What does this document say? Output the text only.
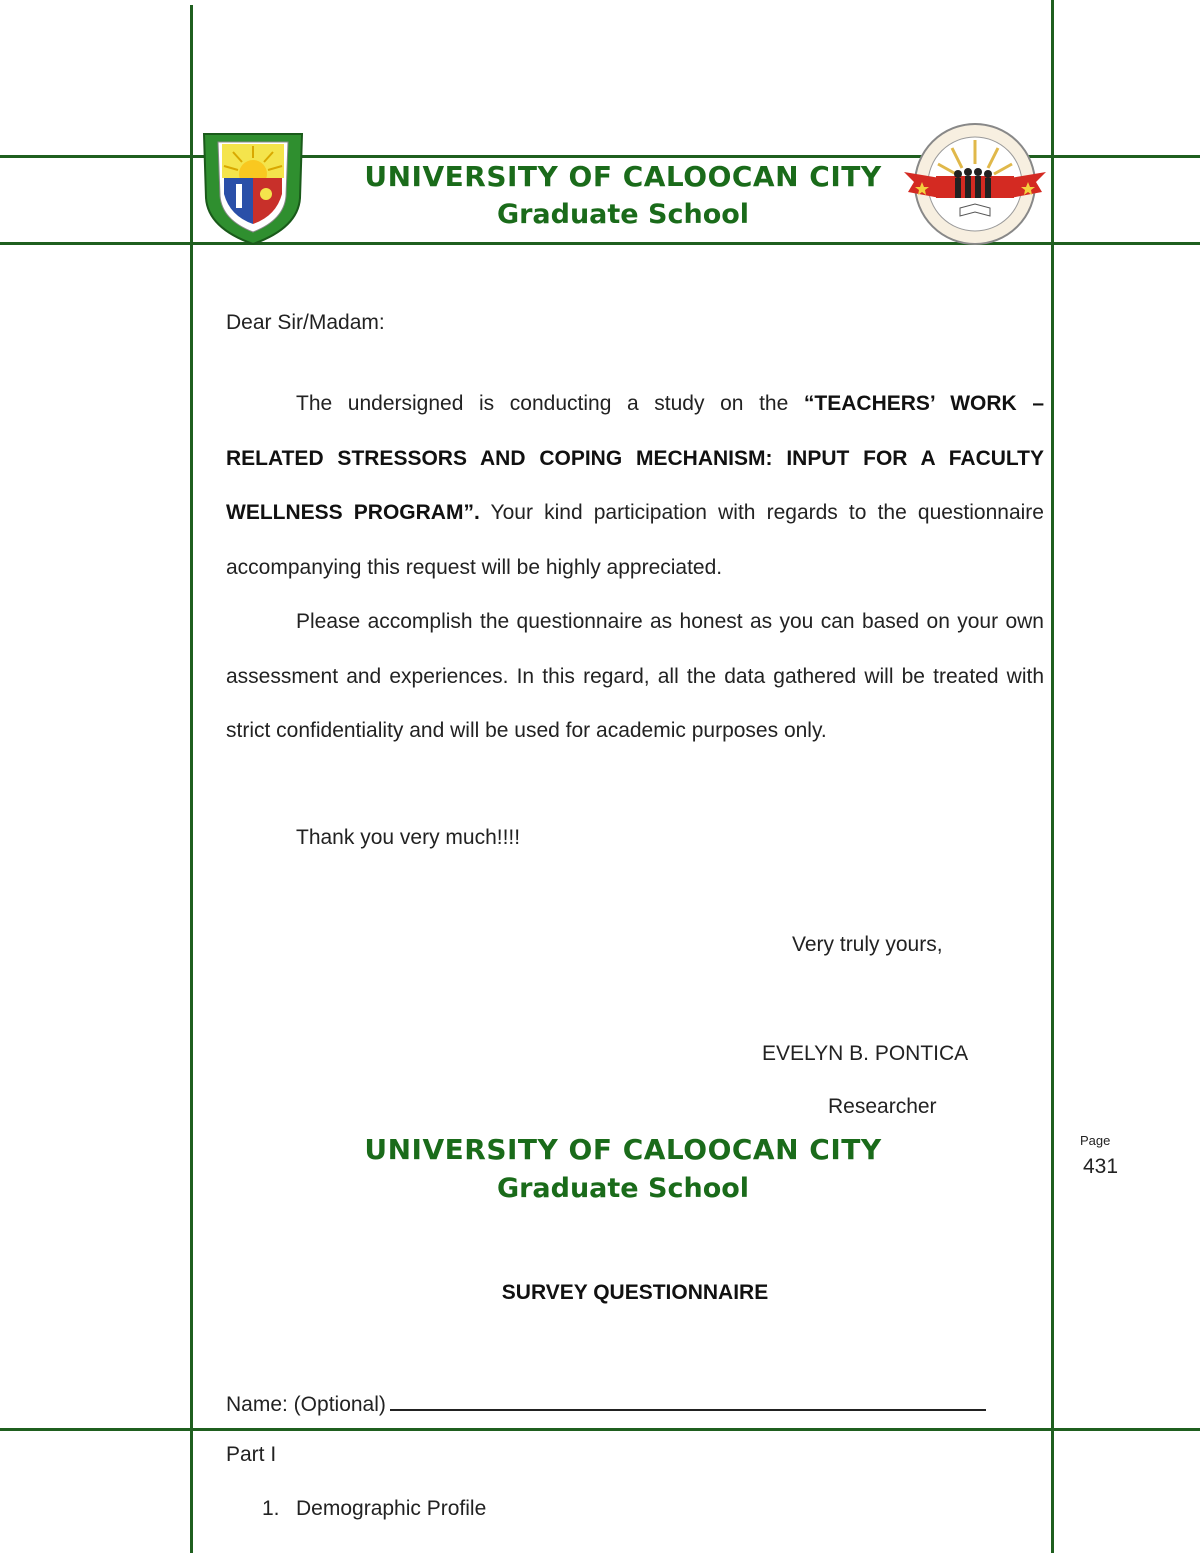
UNIVERSITY OF CALOOCAN CITY
Graduate School
Dear Sir/Madam:
The undersigned is conducting a study on the “TEACHERS’ WORK – RELATED STRESSORS AND COPING MECHANISM: INPUT FOR A FACULTY WELLNESS PROGRAM”. Your kind participation with regards to the questionnaire accompanying this request will be highly appreciated.
Please accomplish the questionnaire as honest as you can based on your own assessment and experiences. In this regard, all the data gathered will be treated with strict confidentiality and will be used for academic purposes only.
Thank you very much!!!!
Very truly yours,
EVELYN B. PONTICA
Researcher
Page
431
UNIVERSITY OF CALOOCAN CITY
Graduate School
SURVEY QUESTIONNAIRE
Name: (Optional)
Part I
1. Demographic Profile
